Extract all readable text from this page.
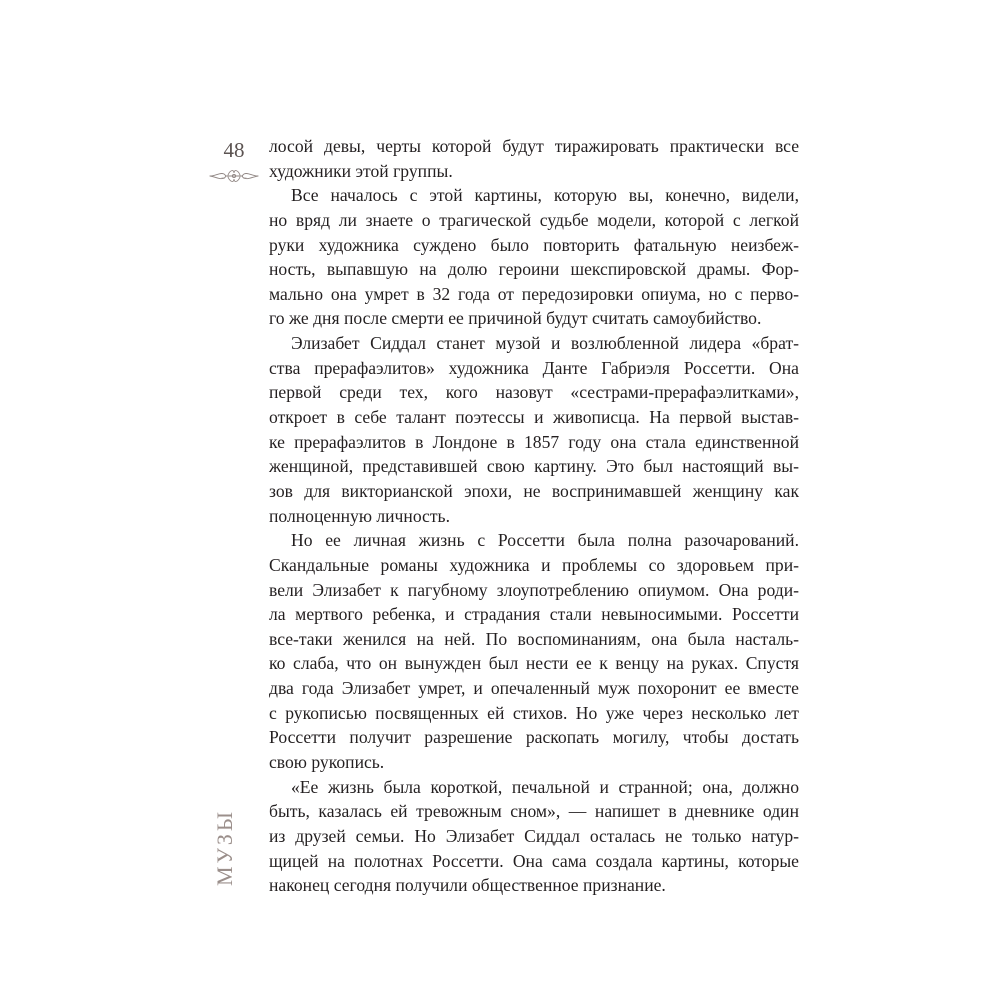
48
МУЗЫ
лосой девы, черты которой будут тиражировать практически все
художники этой группы.
Все началось с этой картины, которую вы, конечно, видели,
но вряд ли знаете о трагической судьбе модели, которой с легкой
руки художника суждено было повторить фатальную неизбеж-
ность, выпавшую на долю героини шекспировской драмы. Фор-
мально она умрет в 32 года от передозировки опиума, но с перво-
го же дня после смерти ее причиной будут считать самоубийство.
Элизабет Сиддал станет музой и возлюбленной лидера «брат-
ства прерафаэлитов» художника Данте Габриэля Россетти. Она
первой среди тех, кого назовут «сестрами-прерафаэлитками»,
откроет в себе талант поэтессы и живописца. На первой выстав-
ке прерафаэлитов в Лондоне в 1857 году она стала единственной
женщиной, представившей свою картину. Это был настоящий вы-
зов для викторианской эпохи, не воспринимавшей женщину как
полноценную личность.
Но ее личная жизнь с Россетти была полна разочарований.
Скандальные романы художника и проблемы со здоровьем при-
вели Элизабет к пагубному злоупотреблению опиумом. Она роди-
ла мертвого ребенка, и страдания стали невыносимыми. Россетти
все-таки женился на ней. По воспоминаниям, она была насталь-
ко слаба, что он вынужден был нести ее к венцу на руках. Спустя
два года Элизабет умрет, и опечаленный муж похоронит ее вместе
с рукописью посвященных ей стихов. Но уже через несколько лет
Россетти получит разрешение раскопать могилу, чтобы достать
свою рукопись.
«Ее жизнь была короткой, печальной и странной; она, должно
быть, казалась ей тревожным сном», — напишет в дневнике один
из друзей семьи. Но Элизабет Сиддал осталась не только натур-
щицей на полотнах Россетти. Она сама создала картины, которые
наконец сегодня получили общественное признание.
